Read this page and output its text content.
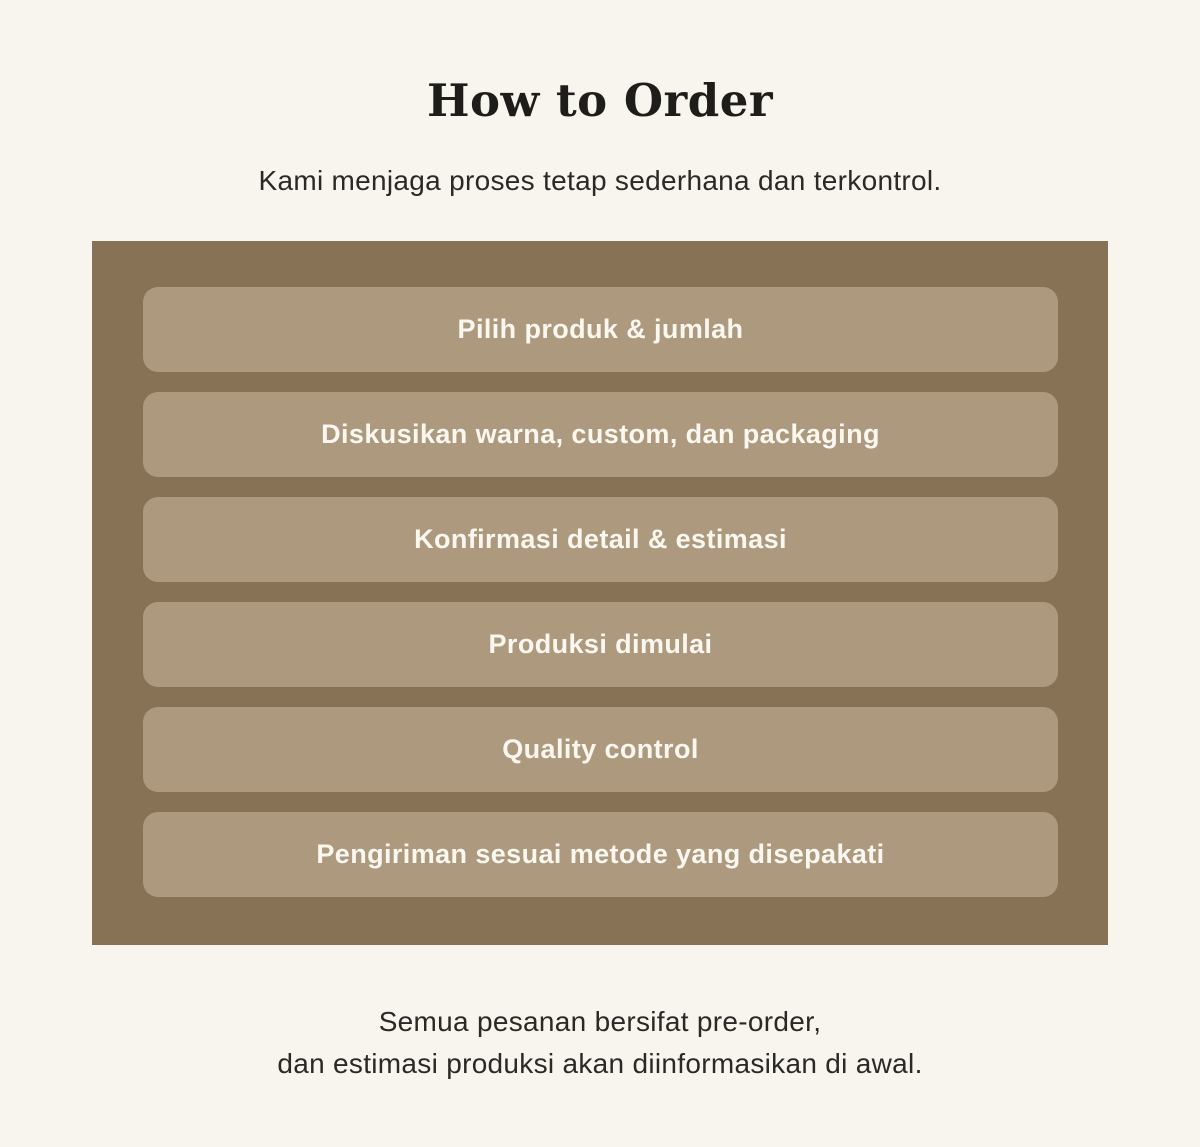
How to Order

Kami menjaga proses tetap sederhana dan terkontrol.

Pilih produk & jumlah
Diskusikan warna, custom, dan packaging
Konfirmasi detail & estimasi
Produksi dimulai
Quality control
Pengiriman sesuai metode yang disepakati

Semua pesanan bersifat pre-order,
dan estimasi produksi akan diinformasikan di awal.
